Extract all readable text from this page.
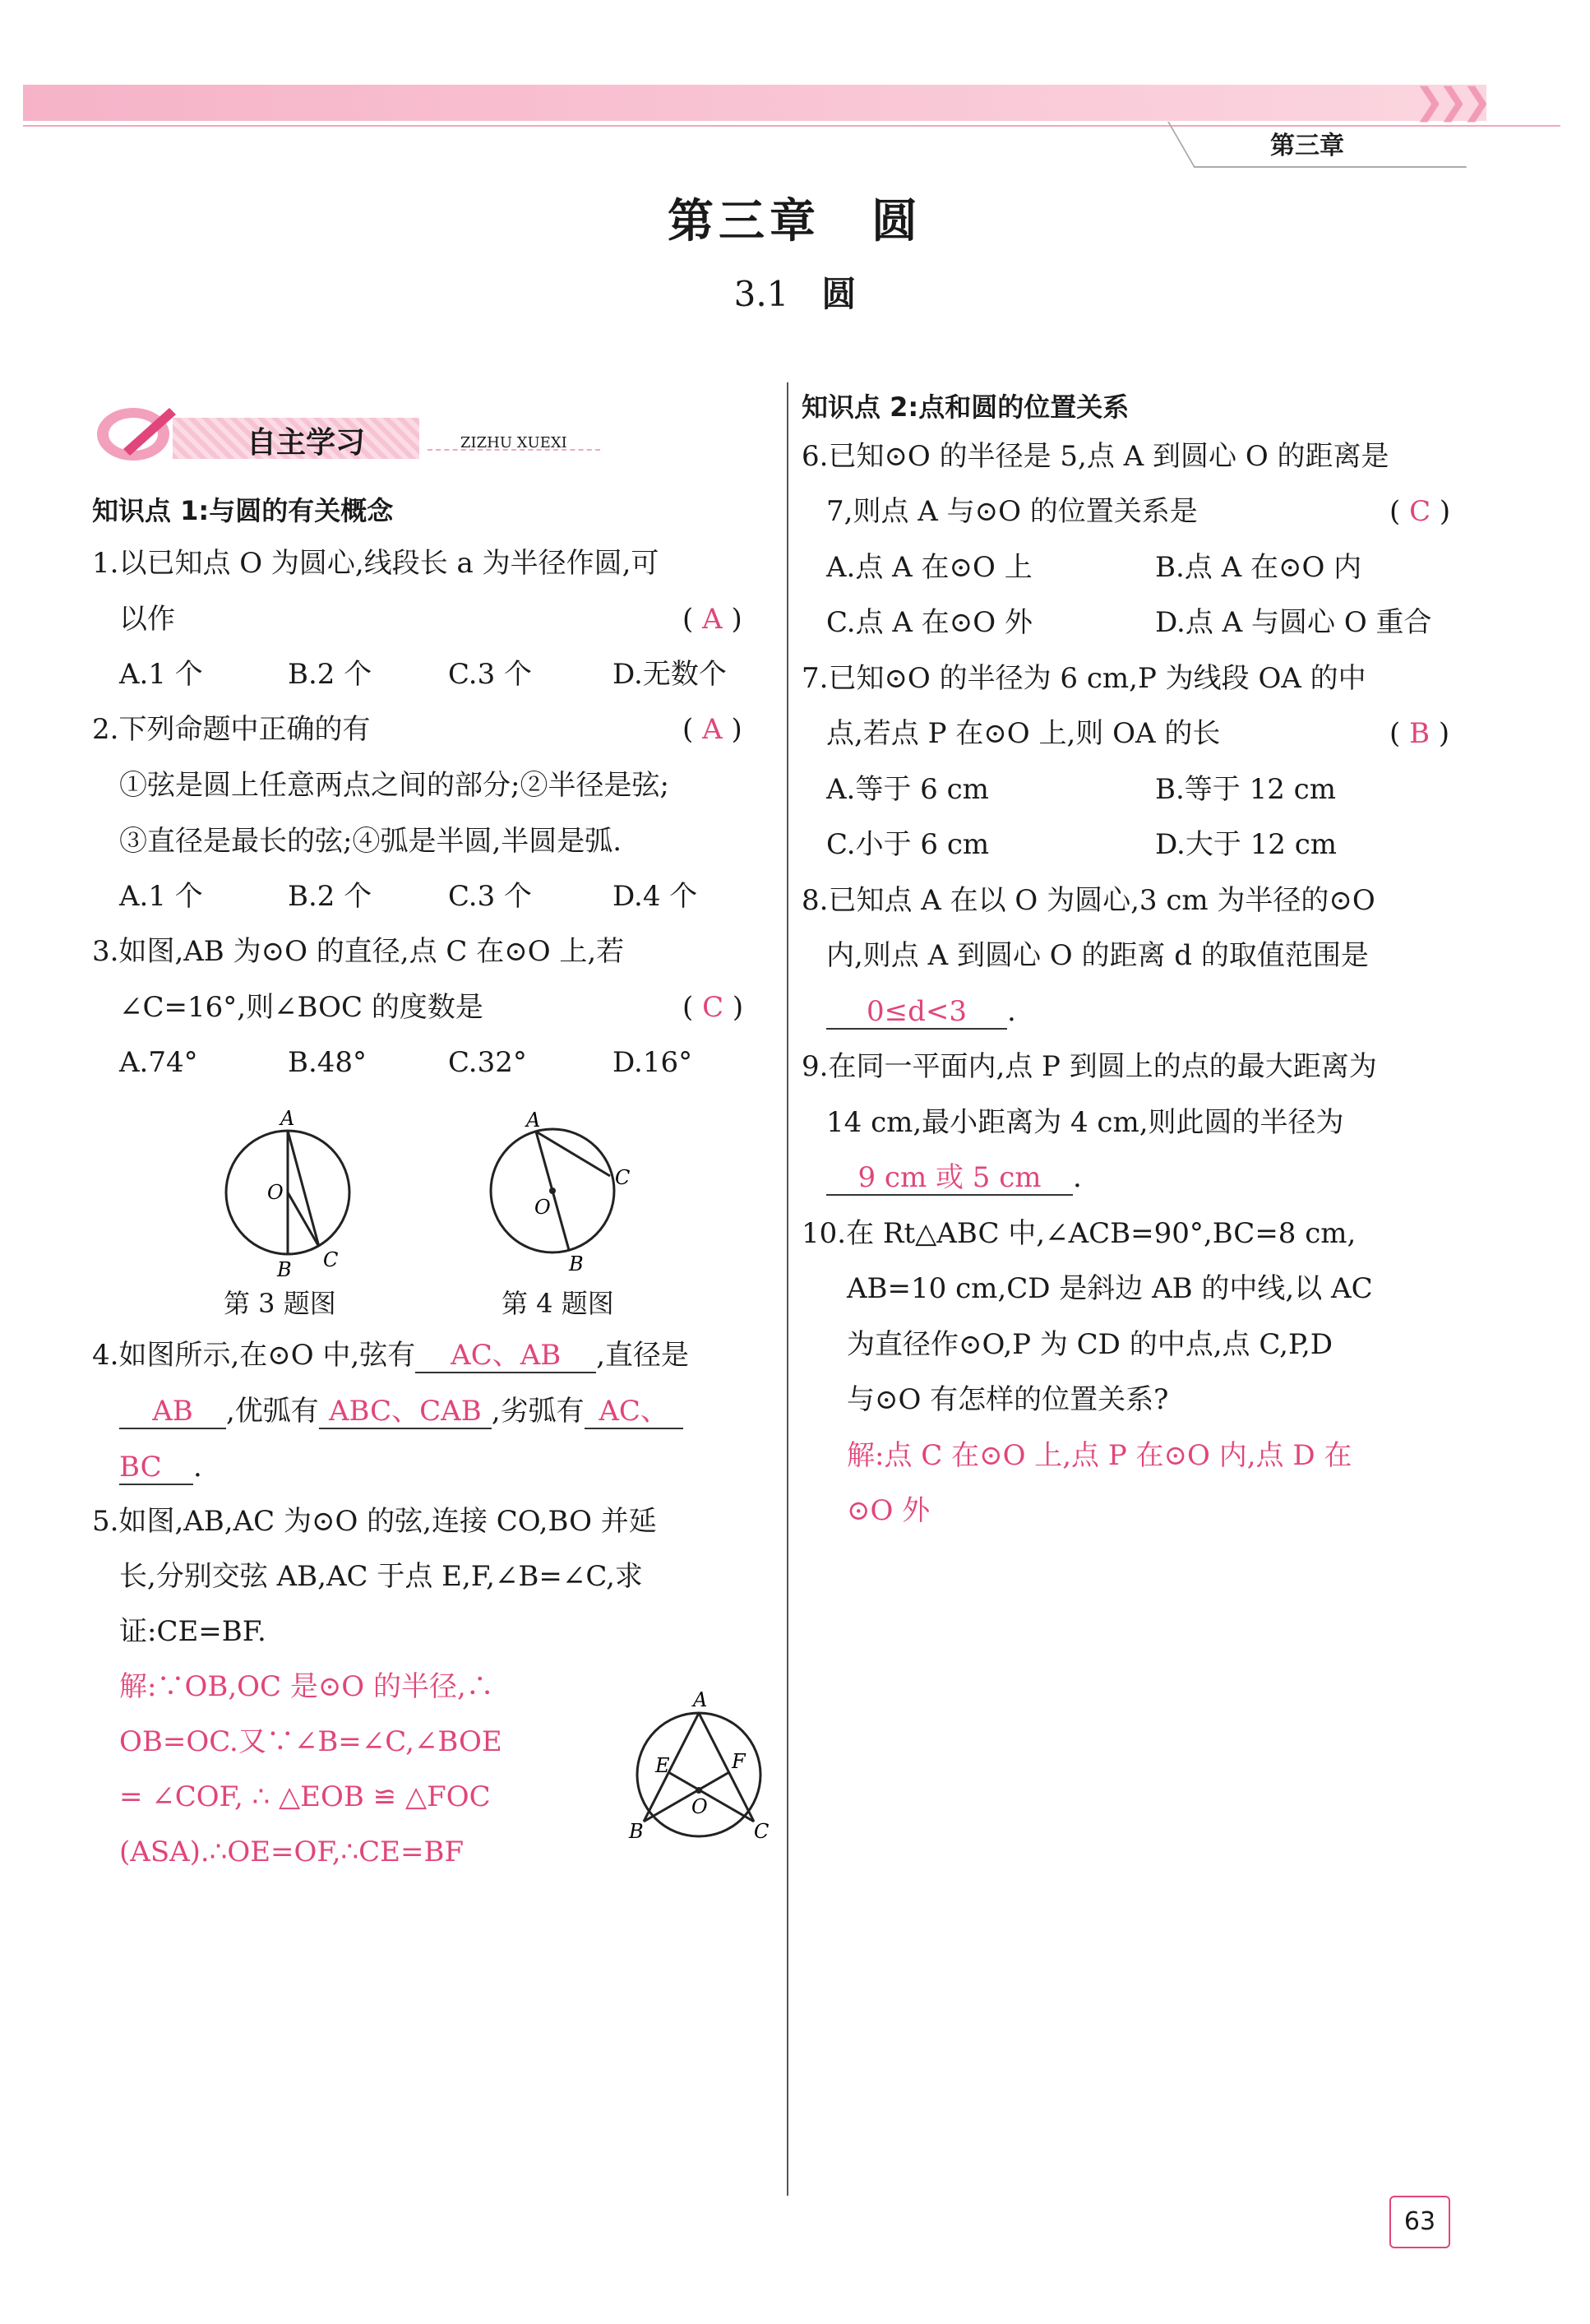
❯❯❯
第三章
第三章　圆
3.1 圆
自主学习	ZIZHU XUEXI
知识点 1:与圆的有关概念
1.以已知点 O 为圆心,线段长 a 为半径作圆,可
以作	( A )
A.1 个	B.2 个	C.3 个	D.无数个
2.下列命题中正确的有	( A )
①弦是圆上任意两点之间的部分;②半径是弦;
③直径是最长的弦;④弧是半圆,半圆是弧.
A.1 个	B.2 个	C.3 个	D.4 个
3.如图,AB 为⊙O 的直径,点 C 在⊙O 上,若
∠C=16°,则∠BOC 的度数是	( C )
A.74°	B.48°	C.32°	D.16°
A
O
B C
第 3 题图
A
O
B
C
第 4 题图
4.如图所示,在⊙O 中,弦有 AC、AB ,直径是
AB ,优弧有 ABC、CAB ,劣弧有 AC、
BC .
5.如图,AB,AC 为⊙O 的弦,连接 CO,BO 并延
长,分别交弦 AB,AC 于点 E,F,∠B=∠C,求
证:CE=BF.
解:∵OB,OC 是⊙O 的半径,∴
OB=OC.又∵∠B=∠C,∠BOE
= ∠COF, ∴ △EOB ≌ △FOC
(ASA).∴OE=OF,∴CE=BF
A
E	F
O
B	C
知识点 2:点和圆的位置关系
6.已知⊙O 的半径是 5,点 A 到圆心 O 的距离是
7,则点 A 与⊙O 的位置关系是	( C )
A.点 A 在⊙O 上	B.点 A 在⊙O 内
C.点 A 在⊙O 外	D.点 A 与圆心 O 重合
7.已知⊙O 的半径为 6 cm,P 为线段 OA 的中
点,若点 P 在⊙O 上,则 OA 的长	( B )
A.等于 6 cm	B.等于 12 cm
C.小于 6 cm	D.大于 12 cm
8.已知点 A 在以 O 为圆心,3 cm 为半径的⊙O
内,则点 A 到圆心 O 的距离 d 的取值范围是
0≤d<3 .
9.在同一平面内,点 P 到圆上的点的最大距离为
14 cm,最小距离为 4 cm,则此圆的半径为
9 cm 或 5 cm .
10.在 Rt△ABC 中,∠ACB=90°,BC=8 cm,
AB=10 cm,CD 是斜边 AB 的中线,以 AC
为直径作⊙O,P 为 CD 的中点,点 C,P,D
与⊙O 有怎样的位置关系?
解:点 C 在⊙O 上,点 P 在⊙O 内,点 D 在
⊙O 外
63
